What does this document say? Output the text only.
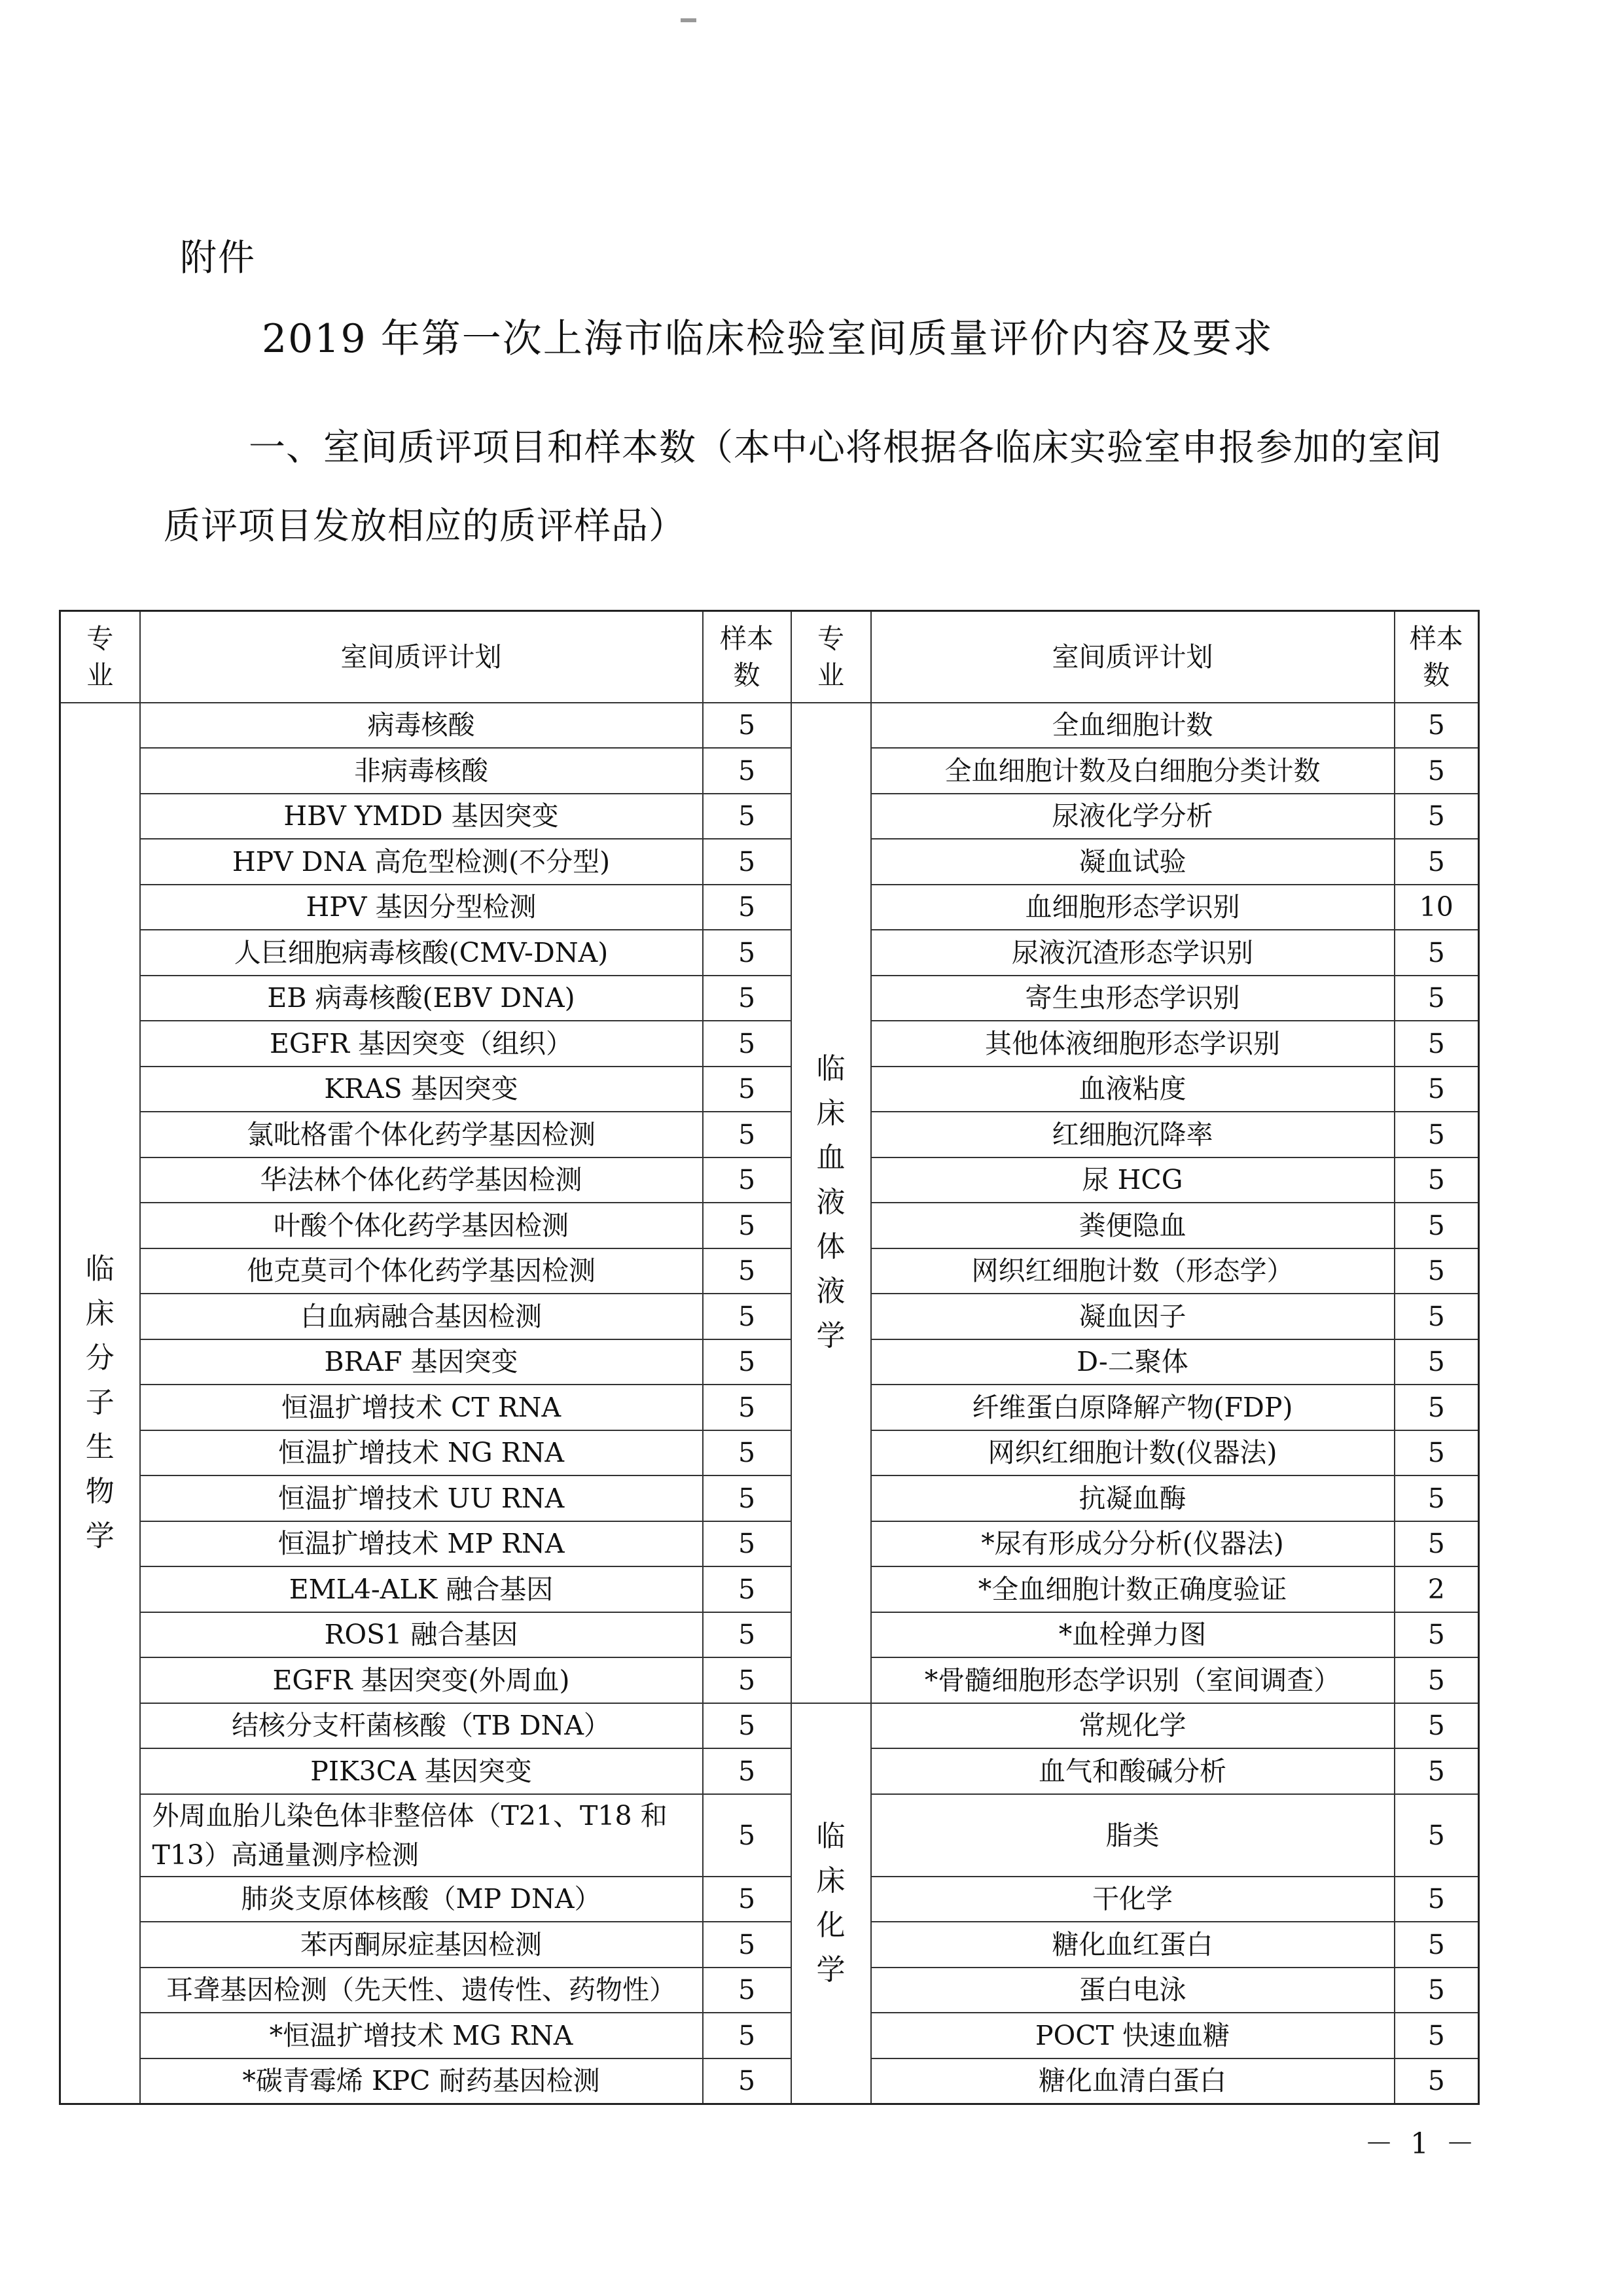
附件
2019 年第一次上海市临床检验室间质量评价内容及要求
一、室间质评项目和样本数（本中心将根据各临床实验室申报参加的室间
质评项目发放相应的质评样品）
专业	室间质评计划	样本数	专业	室间质评计划	样本数
临床分子生物学	病毒核酸	5	临床血液体液学	全血细胞计数	5
	非病毒核酸	5		全血细胞计数及白细胞分类计数	5
	HBV YMDD 基因突变	5		尿液化学分析	5
	HPV DNA 高危型检测(不分型)	5		凝血试验	5
	HPV 基因分型检测	5		血细胞形态学识别	10
	人巨细胞病毒核酸(CMV-DNA)	5		尿液沉渣形态学识别	5
	EB 病毒核酸(EBV DNA)	5		寄生虫形态学识别	5
	EGFR 基因突变（组织）	5		其他体液细胞形态学识别	5
	KRAS 基因突变	5		血液粘度	5
	氯吡格雷个体化药学基因检测	5		红细胞沉降率	5
	华法林个体化药学基因检测	5		尿 HCG	5
	叶酸个体化药学基因检测	5		粪便隐血	5
	他克莫司个体化药学基因检测	5		网织红细胞计数（形态学）	5
	白血病融合基因检测	5		凝血因子	5
	BRAF 基因突变	5		D-二聚体	5
	恒温扩增技术 CT RNA	5		纤维蛋白原降解产物(FDP)	5
	恒温扩增技术 NG RNA	5		网织红细胞计数(仪器法)	5
	恒温扩增技术 UU RNA	5		抗凝血酶	5
	恒温扩增技术 MP RNA	5		*尿有形成分分析(仪器法)	5
	EML4-ALK 融合基因	5		*全血细胞计数正确度验证	2
	ROS1 融合基因	5		*血栓弹力图	5
	EGFR 基因突变(外周血)	5		*骨髓细胞形态学识别（室间调查）	5
	结核分支杆菌核酸（TB DNA）	5	临床化学	常规化学	5
	PIK3CA 基因突变	5		血气和酸碱分析	5
	外周血胎儿染色体非整倍体（T21、T18 和 T13）高通量测序检测	5		脂类	5
	肺炎支原体核酸（MP DNA）	5		干化学	5
	苯丙酮尿症基因检测	5		糖化血红蛋白	5
	耳聋基因检测（先天性、遗传性、药物性）	5		蛋白电泳	5
	*恒温扩增技术 MG RNA	5		POCT 快速血糖	5
	*碳青霉烯 KPC 耐药基因检测	5		糖化血清白蛋白	5
－ 1 －
